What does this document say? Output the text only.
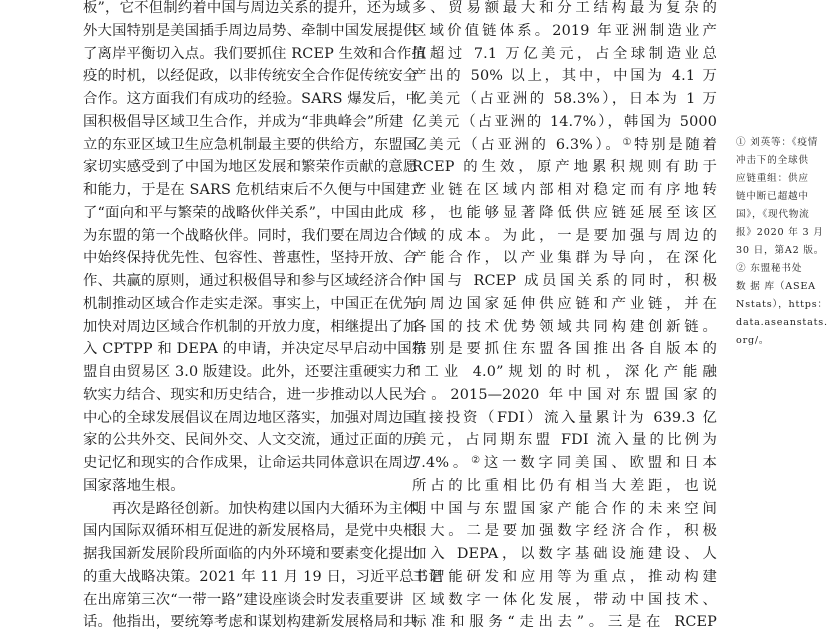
板”，它不但制约着中国与周边关系的提升，还为域

外大国特别是美国插手周边局势、牵制中国发展提供

了离岸平衡切入点。我们要抓住 RCEP 生效和合作抗

疫的时机，以经促政，以非传统安全合作促传统安全

合作。这方面我们有成功的经验。SARS 爆发后，中

国积极倡导区域卫生合作，并成为“非典峰会”所建

立的东亚区域卫生应急机制最主要的供给方，东盟国

家切实感受到了中国为地区发展和繁荣作贡献的意愿

和能力，于是在 SARS 危机结束后不久便与中国建立

了“面向和平与繁荣的战略伙伴关系”，中国由此成

为东盟的第一个战略伙伴。同时，我们要在周边合作

中始终保持优先性、包容性、普惠性，坚持开放、合

作、共赢的原则，通过积极倡导和参与区域经济合作

机制推动区域合作走实走深。事实上，中国正在优先

加快对周边区域合作机制的开放力度，相继提出了加

入 CPTPP 和 DEPA 的申请，并决定尽早启动中国东

盟自由贸易区 3.0 版建设。此外，还要注重硬实力和

软实力结合、现实和历史结合，进一步推动以人民为

中心的全球发展倡议在周边地区落实，加强对周边国

家的公共外交、民间外交、人文交流，通过正面的历

史记忆和现实的合作成果，让命运共同体意识在周边

国家落地生根。

再次是路径创新。加快构建以国内大循环为主体、

国内国际双循环相互促进的新发展格局，是党中央根

据我国新发展阶段所面临的内外环境和要素变化提出

的重大战略决策。2021 年 11 月 19 日，习近平总书记

在出席第三次“一带一路”建设座谈会时发表重要讲

话。他指出，要统筹考虑和谋划构建新发展格局和共

多、贸易额最大和分工结构最为复杂的

区域价值链体系。2019 年亚洲制造业产

值超过 7.1 万亿美元，占全球制造业总

产出的 50% 以上，其中，中国为 4.1 万

亿美元（占亚洲的 58.3%），日本为 1 万

亿美元（占亚洲的 14.7%），韩国为 5000

亿美元（占亚洲的 6.3%）。①特别是随着

RCEP 的生效，原产地累积规则有助于

产业链在区域内部相对稳定而有序地转

移，也能够显著降低供应链延展至该区

域的成本。为此，一是要加强与周边的

产能合作，以产业集群为导向，在深化

中国与 RCEP 成员国关系的同时，积极

向周边国家延伸供应链和产业链，并在

各国的技术优势领域共同构建创新链。

特别是要抓住东盟各国推出各自版本的

“工业 4.0”规划的时机，深化产能融

合。2015—2020 年中国对东盟国家的

直接投资（FDI）流入量累计为 639.3 亿

美元，占同期东盟 FDI 流入量的比例为

7.4%。②这一数字同美国、欧盟和日本

所占的比重相比仍有相当大差距，也说

明中国与东盟国家产能合作的未来空间

很大。二是要加强数字经济合作，积极

加入 DEPA，以数字基础设施建设、人

工智能研发和应用等为重点，推动构建

区域数字一体化发展，带动中国技术、

标准和服务“走出去”。三是在 RCEP

① 刘英等：《疫情

冲击下的全球供

应链重组：供应

链中断已超越中

国》，《现代物流

报》2020 年 3 月

30 日，第A2 版。

② 东盟秘书处

数 据 库（ASEA

Nstats），https：

data.aseanstats.

org/。
